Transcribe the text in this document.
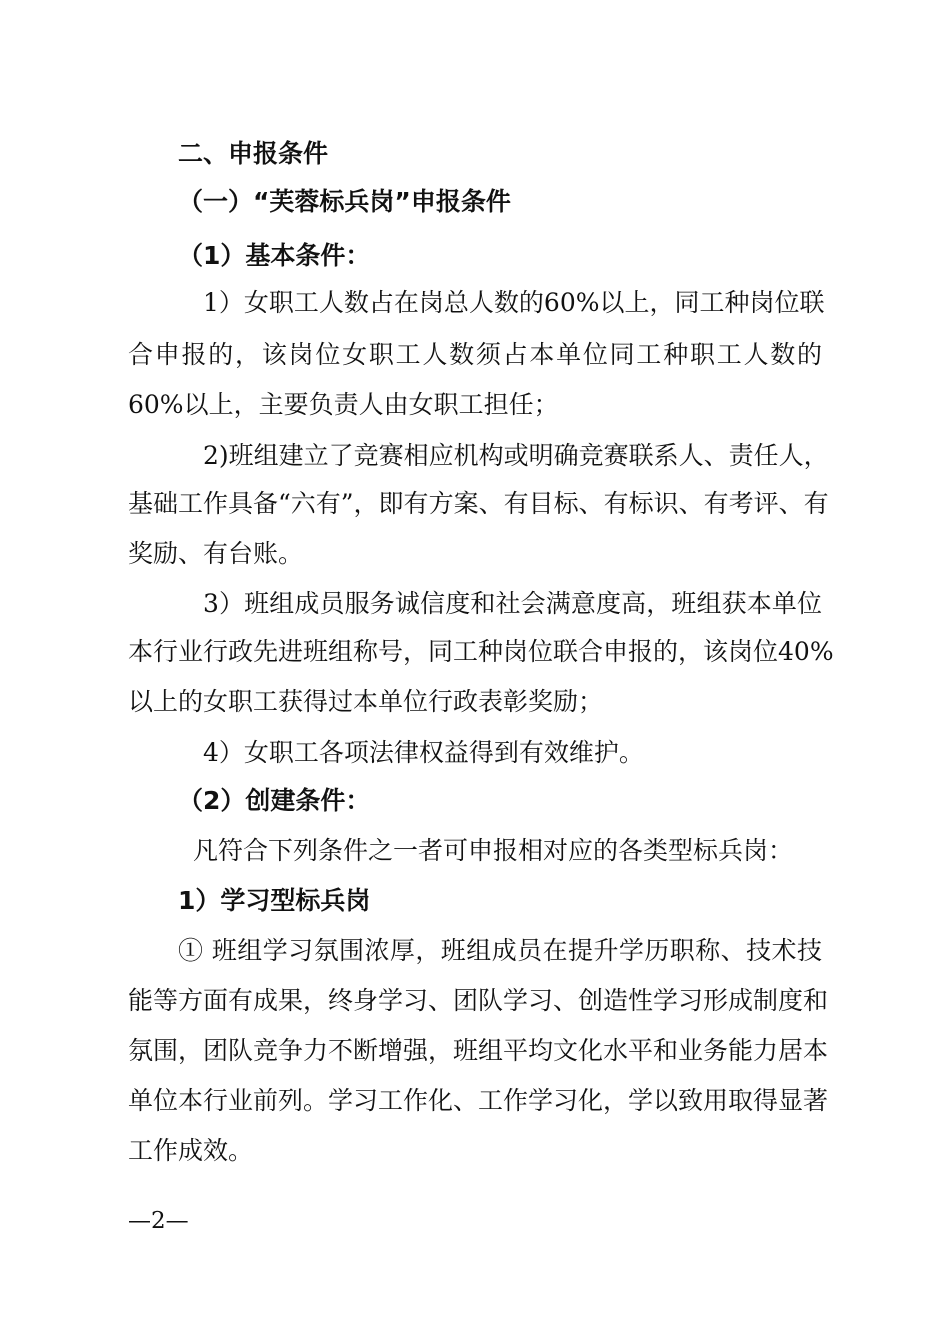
二、申报条件
（一）“芙蓉标兵岗”申报条件
（1）基本条件：
1）女职工人数占在岗总人数的60%以上，同工种岗位联
合申报的，该岗位女职工人数须占本单位同工种职工人数的
60%以上，主要负责人由女职工担任；
2)班组建立了竞赛相应机构或明确竞赛联系人、责任人，
基础工作具备“六有”，即有方案、有目标、有标识、有考评、有
奖励、有台账。
3）班组成员服务诚信度和社会满意度高，班组获本单位
本行业行政先进班组称号，同工种岗位联合申报的，该岗位40%
以上的女职工获得过本单位行政表彰奖励；
4）女职工各项法律权益得到有效维护。
（2）创建条件：
凡符合下列条件之一者可申报相对应的各类型标兵岗：
1）学习型标兵岗
① 班组学习氛围浓厚，班组成员在提升学历职称、技术技
能等方面有成果，终身学习、团队学习、创造性学习形成制度和
氛围，团队竞争力不断增强，班组平均文化水平和业务能力居本
单位本行业前列。学习工作化、工作学习化，学以致用取得显著
工作成效。
—2—
